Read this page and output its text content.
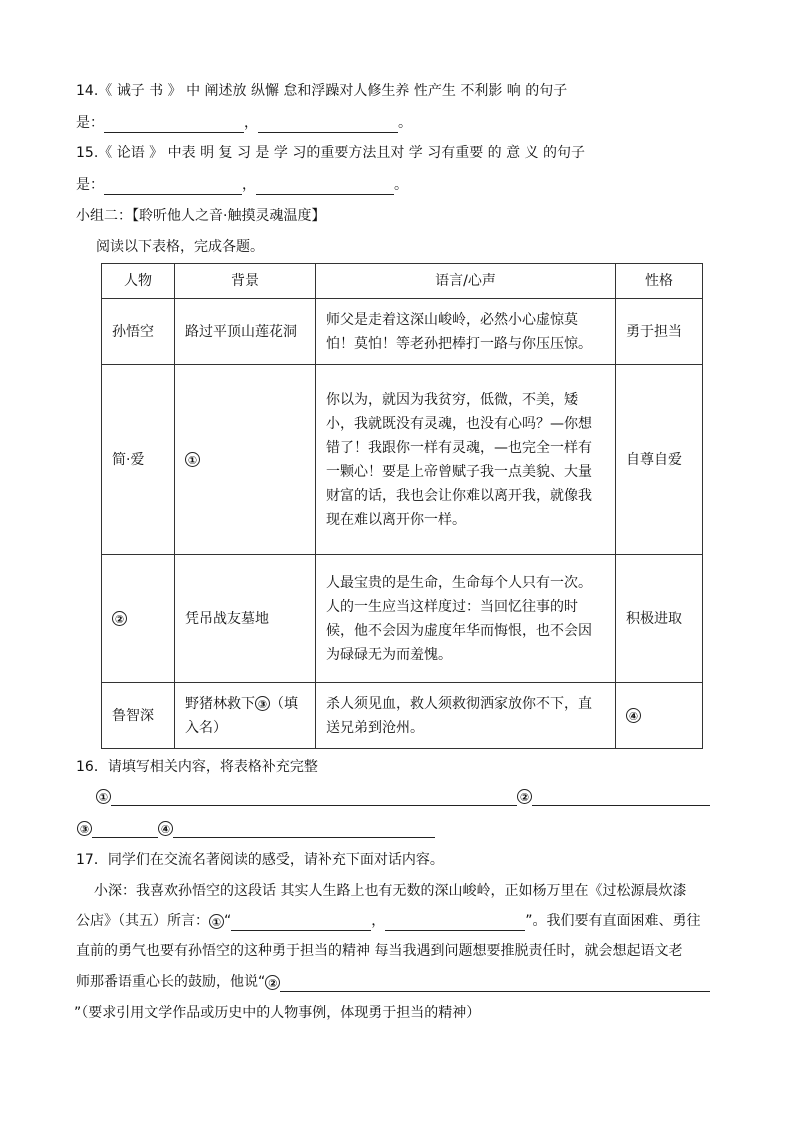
14.《 诫子 书 》 中 阐述放 纵懈 怠和浮躁对人修生养 性产生 不利影 响 的句子
是：	，	。
15.《 论语 》 中表 明 复 习 是 学 习的重要方法且对 学 习有重要 的 意 义 的句子
是：	，	。
小组二：【聆听他人之音·触摸灵魂温度】
阅读以下表格，完成各题。
人物	背景	语言/心声	性格
孙悟空	路过平顶山莲花洞	师父是走着这深山峻岭，必然小心虚惊莫怕！莫怕！等老孙把棒打一路与你压压惊。	勇于担当
简·爱	①	你以为，就因为我贫穷，低微，不美，矮小，我就既没有灵魂，也没有心吗？—你想错了！我跟你一样有灵魂，—也完全一样有一颗心！要是上帝曾赋子我一点美貌、大量财富的话，我也会让你难以离开我，就像我现在难以离开你一样。	自尊自爱
②	凭吊战友墓地	人最宝贵的是生命，生命每个人只有一次。人的一生应当这样度过：当回忆往事的时候，他不会因为虚度年华而悔恨，也不会因为碌碌无为而羞愧。	积极进取
鲁智深	野猪林救下 ③ （填入名）	杀人须见血，救人须救彻洒家放你不下，直送兄弟到沧州。	④
16．请填写相关内容，将表格补充完整
①	②
③	④
17．同学们在交流名著阅读的感受，请补充下面对话内容。
小深：我喜欢孙悟空的这段话 其实人生路上也有无数的深山峻岭，正如杨万里在《过松源晨炊漆
公店》（其五）所言： ① “	，	”。我们要有直面困难、勇往
直前的勇气也要有孙悟空的这种勇于担当的精神 每当我遇到问题想要推脱责任时，就会想起语文老
师那番语重心长的鼓励，他说“ ②
”（要求引用文学作品或历史中的人物事例，体现勇于担当的精神）
